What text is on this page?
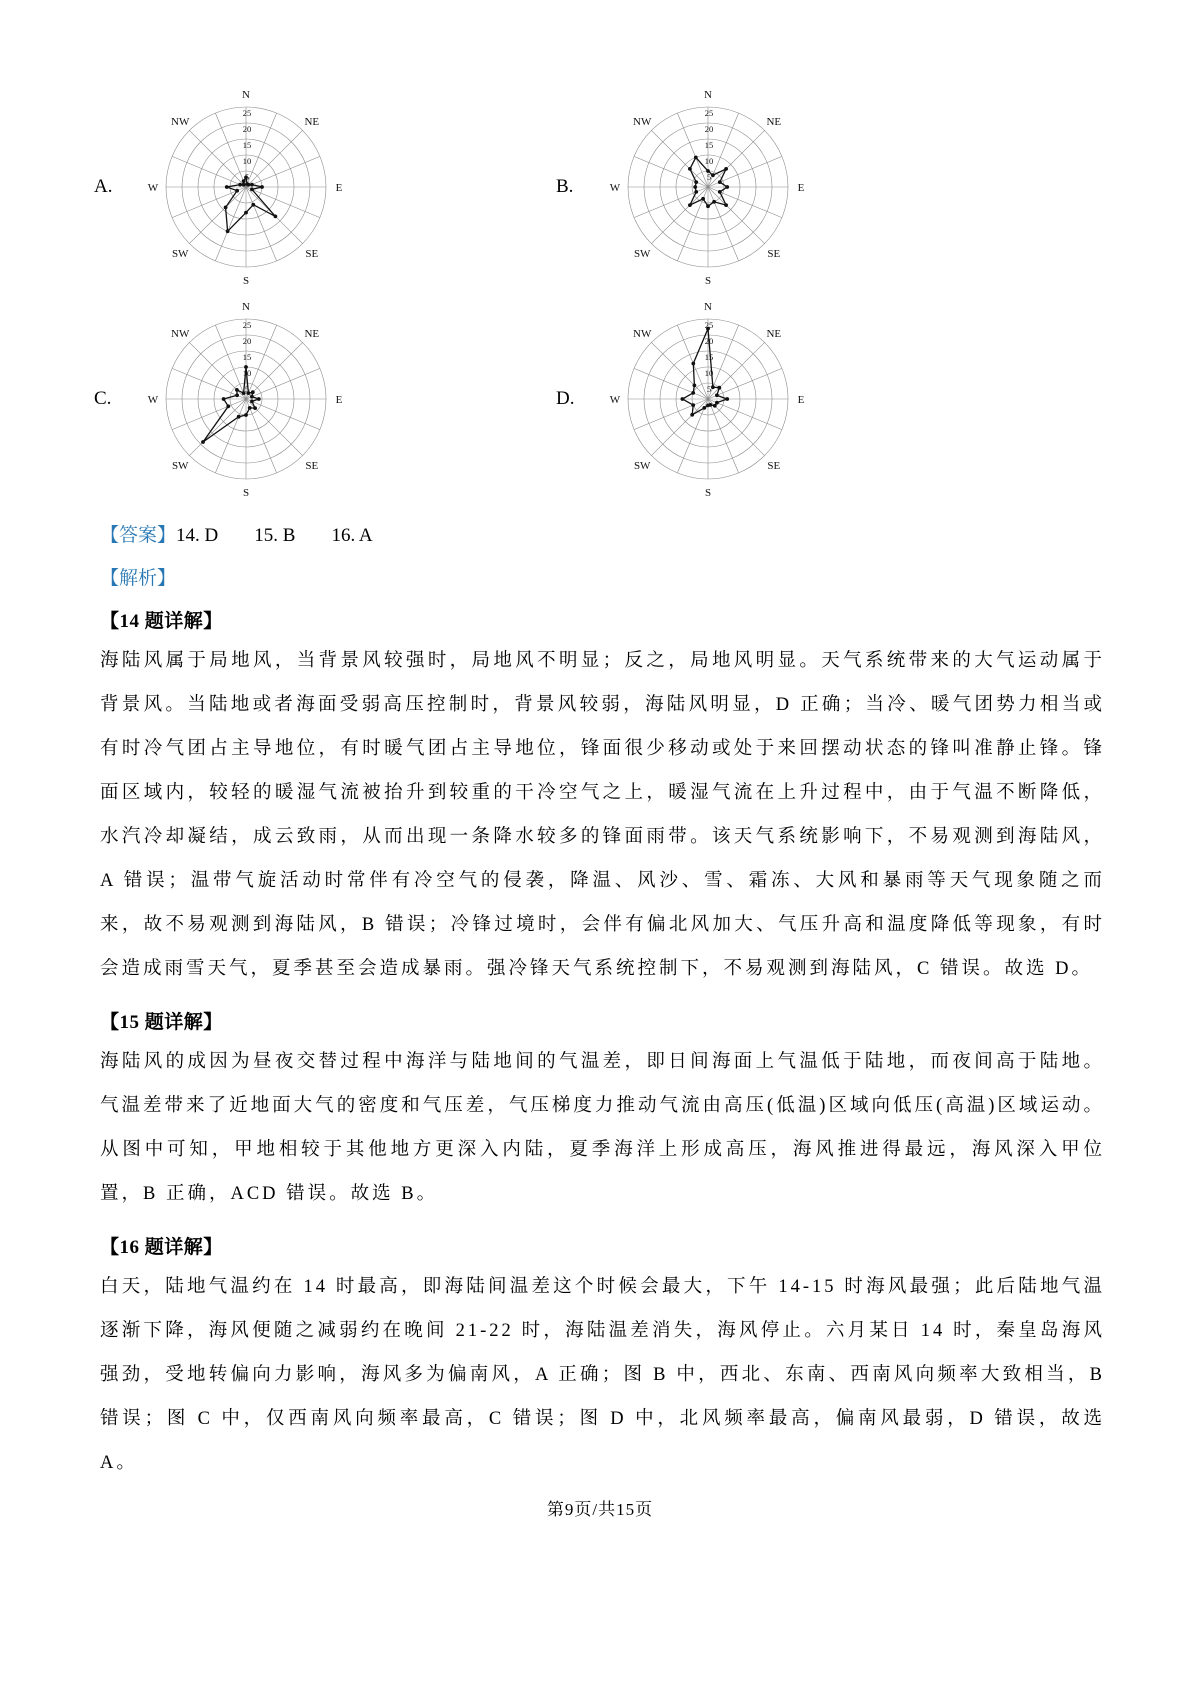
A.
N
NE
E
SE
S
SW
W
NW
5
10
15
20
25
B.
N
NE
E
SE
S
SW
W
NW
5
10
15
20
25
C.
N
NE
E
SE
S
SW
W
NW
5
10
15
20
25
D.
N
NE
E
SE
S
SW
W
NW
5
10
15
20
25

【答案】14. D 15. B 16. A

【解析】

【14 题详解】

海陆风属于局地风，当背景风较强时，局地风不明显；反之，局地风明显。天气系统带来的大气运动属于背景风。当陆地或者海面受弱高压控制时，背景风较弱，海陆风明显，D 正确；当冷、暖气团势力相当或有时冷气团占主导地位，有时暖气团占主导地位，锋面很少移动或处于来回摆动状态的锋叫准静止锋。锋面区域内，较轻的暖湿气流被抬升到较重的干冷空气之上，暖湿气流在上升过程中，由于气温不断降低，水汽冷却凝结，成云致雨，从而出现一条降水较多的锋面雨带。该天气系统影响下，不易观测到海陆风，A 错误；温带气旋活动时常伴有冷空气的侵袭，降温、风沙、雪、霜冻、大风和暴雨等天气现象随之而来，故不易观测到海陆风，B 错误；冷锋过境时，会伴有偏北风加大、气压升高和温度降低等现象，有时会造成雨雪天气，夏季甚至会造成暴雨。强冷锋天气系统控制下，不易观测到海陆风，C 错误。故选 D。

【15 题详解】

海陆风的成因为昼夜交替过程中海洋与陆地间的气温差，即日间海面上气温低于陆地，而夜间高于陆地。气温差带来了近地面大气的密度和气压差，气压梯度力推动气流由高压(低温)区域向低压(高温)区域运动。从图中可知，甲地相较于其他地方更深入内陆，夏季海洋上形成高压，海风推进得最远，海风深入甲位置，B 正确，ACD 错误。故选 B。

【16 题详解】

白天，陆地气温约在 14 时最高，即海陆间温差这个时候会最大，下午 14-15 时海风最强；此后陆地气温逐渐下降，海风便随之减弱约在晚间 21-22 时，海陆温差消失，海风停止。六月某日 14 时，秦皇岛海风强劲，受地转偏向力影响，海风多为偏南风，A 正确；图 B 中，西北、东南、西南风向频率大致相当，B 错误；图 C 中，仅西南风向频率最高，C 错误；图 D 中，北风频率最高，偏南风最弱，D 错误，故选 A。

第9页/共15页
